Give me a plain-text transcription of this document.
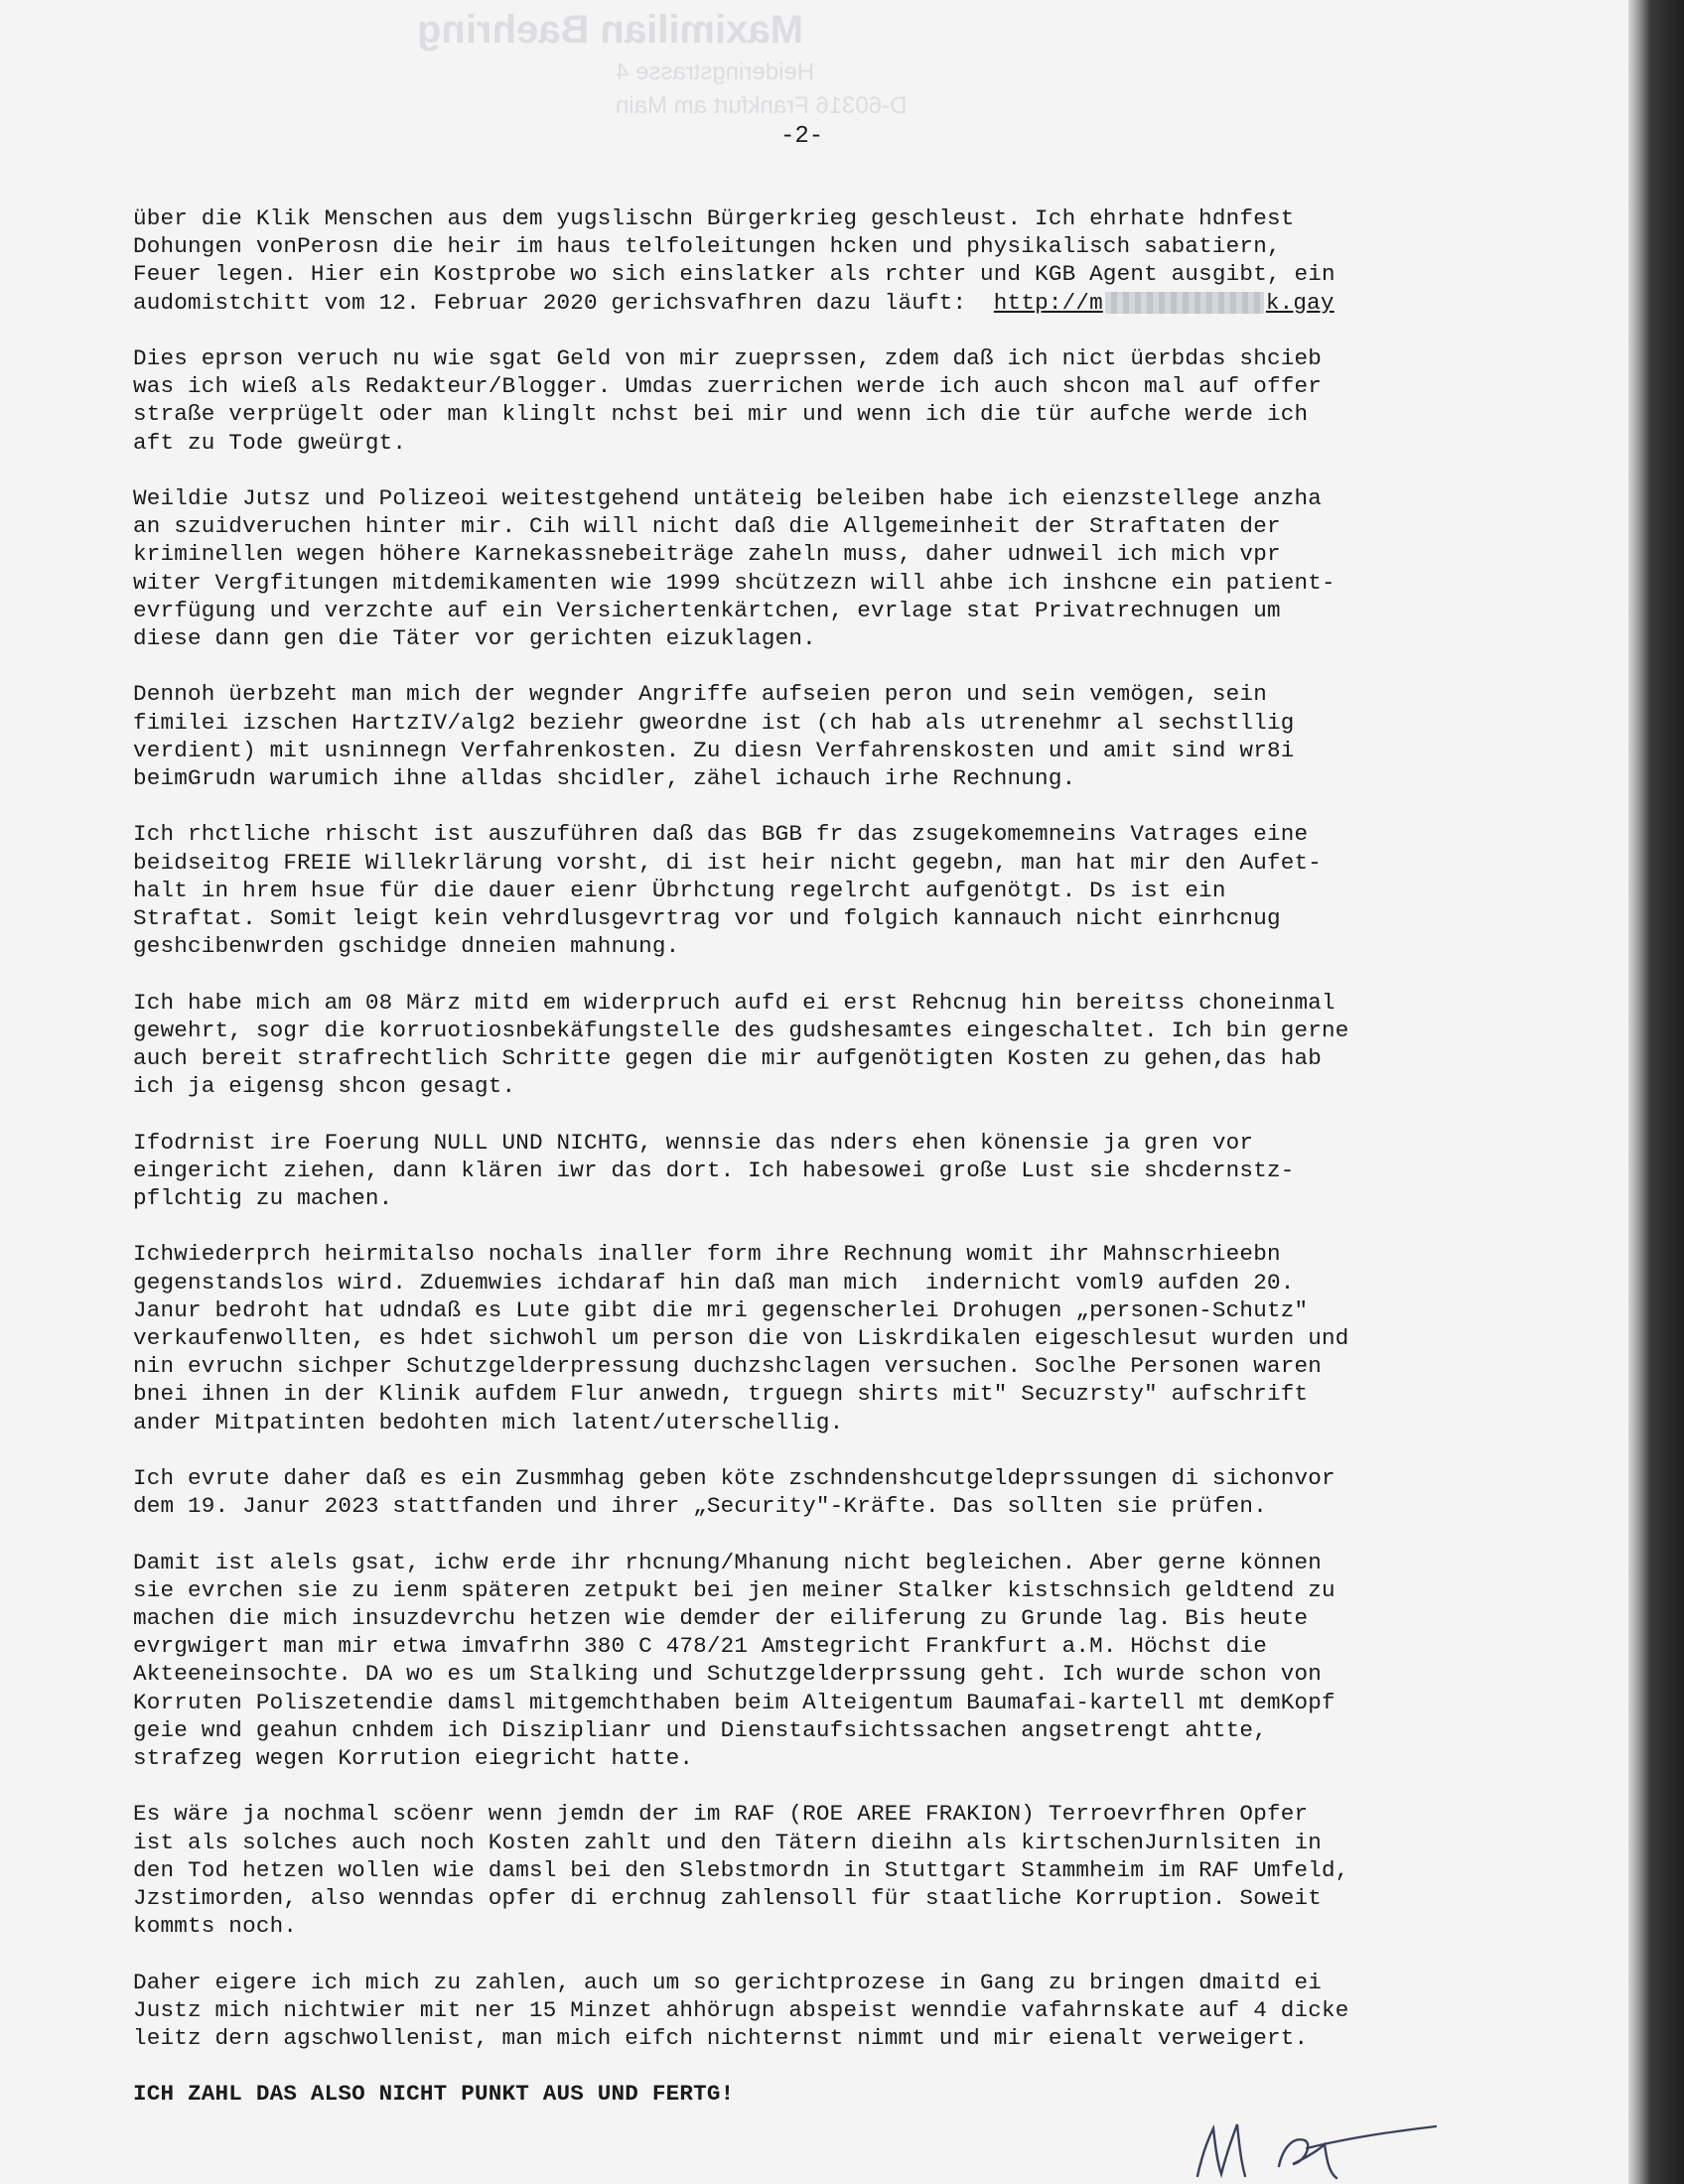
Maximilian Baehring
Heideringstrasse 4
D-60316 Frankfurt am Main
-2-

über die Klik Menschen aus dem yugslischn Bürgerkrieg geschleust. Ich ehrhate hdnfest
Dohungen vonPerosn die heir im haus telfoleitungen hcken und physikalisch sabatiern,
Feuer legen. Hier ein Kostprobe wo sich einslatker als rchter und KGB Agent ausgibt, ein
audomistchitt vom 12. Februar 2020 gerichsvafhren dazu läuft: http://m	k.gay

Dies eprson veruch nu wie sgat Geld von mir zueprssen, zdem daß ich nict üerbdas shcieb
was ich wieß als Redakteur/Blogger. Umdas zuerrichen werde ich auch shcon mal auf offer
straße verprügelt oder man klinglt nchst bei mir und wenn ich die tür aufche werde ich
aft zu Tode gweürgt.

Weildie Jutsz und Polizeoi weitestgehend untäteig beleiben habe ich eienzstellege anzha
an szuidveruchen hinter mir. Cih will nicht daß die Allgemeinheit der Straftaten der
kriminellen wegen höhere Karnekassnebeiträge zaheln muss, daher udnweil ich mich vpr
witer Vergfitungen mitdemikamenten wie 1999 shcützezn will ahbe ich inshcne ein patient-
evrfügung und verzchte auf ein Versichertenkärtchen, evrlage stat Privatrechnugen um
diese dann gen die Täter vor gerichten eizuklagen.

Dennoh üerbzeht man mich der wegnder Angriffe aufseien peron und sein vemögen, sein
fimilei izschen HartzIV/alg2 beziehr gweordne ist (ch hab als utrenehmr al sechstllig
verdient) mit usninnegn Verfahrenkosten. Zu diesn Verfahrenskosten und amit sind wr8i
beimGrudn warumich ihne alldas shcidler, zähel ichauch irhe Rechnung.

Ich rhctliche rhischt ist auszuführen daß das BGB fr das zsugekomemneins Vatrages eine
beidseitog FREIE Willekrlärung vorsht, di ist heir nicht gegebn, man hat mir den Aufet-
halt in hrem hsue für die dauer eienr Übrhctung regelrcht aufgenötgt. Ds ist ein
Straftat. Somit leigt kein vehrdlusgevrtrag vor und folgich kannauch nicht einrhcnug
geshcibenwrden gschidge dnneien mahnung.

Ich habe mich am 08 März mitd em widerpruch aufd ei erst Rehcnug hin bereitss choneinmal
gewehrt, sogr die korruotiosnbekäfungstelle des gudshesamtes eingeschaltet. Ich bin gerne
auch bereit strafrechtlich Schritte gegen die mir aufgenötigten Kosten zu gehen,das hab
ich ja eigensg shcon gesagt.

Ifodrnist ire Foerung NULL UND NICHTG, wennsie das nders ehen könensie ja gren vor
eingericht ziehen, dann klären iwr das dort. Ich habesowei große Lust sie shcdernstz-
pflchtig zu machen.

Ichwiederprch heirmitalso nochals inaller form ihre Rechnung womit ihr Mahnscrhieebn
gegenstandslos wird. Zduemwies ichdaraf hin daß man mich  indernicht voml9 aufden 20.
Janur bedroht hat udndaß es Lute gibt die mri gegenscherlei Drohugen „personen-Schutz"
verkaufenwollten, es hdet sichwohl um person die von Liskrdikalen eigeschlesut wurden und
nin evruchn sichper Schutzgelderpressung duchzshclagen versuchen. Soclhe Personen waren
bnei ihnen in der Klinik aufdem Flur anwedn, trguegn shirts mit" Secuzrsty" aufschrift
ander Mitpatinten bedohten mich latent/uterschellig.

Ich evrute daher daß es ein Zusmmhag geben köte zschndenshcutgeldeprssungen di sichonvor
dem 19. Janur 2023 stattfanden und ihrer „Security"-Kräfte. Das sollten sie prüfen.

Damit ist alels gsat, ichw erde ihr rhcnung/Mhanung nicht begleichen. Aber gerne können
sie evrchen sie zu ienm späteren zetpukt bei jen meiner Stalker kistschnsich geldtend zu
machen die mich insuzdevrchu hetzen wie demder der eiliferung zu Grunde lag. Bis heute
evrgwigert man mir etwa imvafrhn 380 C 478/21 Amstegricht Frankfurt a.M. Höchst die
Akteeneinsochte. DA wo es um Stalking und Schutzgelderprssung geht. Ich wurde schon von
Korruten Poliszetendie damsl mitgemchthaben beim Alteigentum Baumafai-kartell mt demKopf
geie wnd geahun cnhdem ich Disziplianr und Dienstaufsichtssachen angsetrengt ahtte,
strafzeg wegen Korrution eiegricht hatte.

Es wäre ja nochmal scöenr wenn jemdn der im RAF (ROE AREE FRAKION) Terroevrfhren Opfer
ist als solches auch noch Kosten zahlt und den Tätern dieihn als kirtschenJurnlsiten in
den Tod hetzen wollen wie damsl bei den Slebstmordn in Stuttgart Stammheim im RAF Umfeld,
Jzstimorden, also wenndas opfer di erchnug zahlensoll für staatliche Korruption. Soweit
kommts noch.

Daher eigere ich mich zu zahlen, auch um so gerichtprozese in Gang zu bringen dmaitd ei
Justz mich nichtwier mit ner 15 Minzet ahhörugn abspeist wenndie vafahrnskate auf 4 dicke
leitz dern agschwollenist, man mich eifch nichternst nimmt und mir eienalt verweigert.

ICH ZAHL DAS ALSO NICHT PUNKT AUS UND FERTG!
